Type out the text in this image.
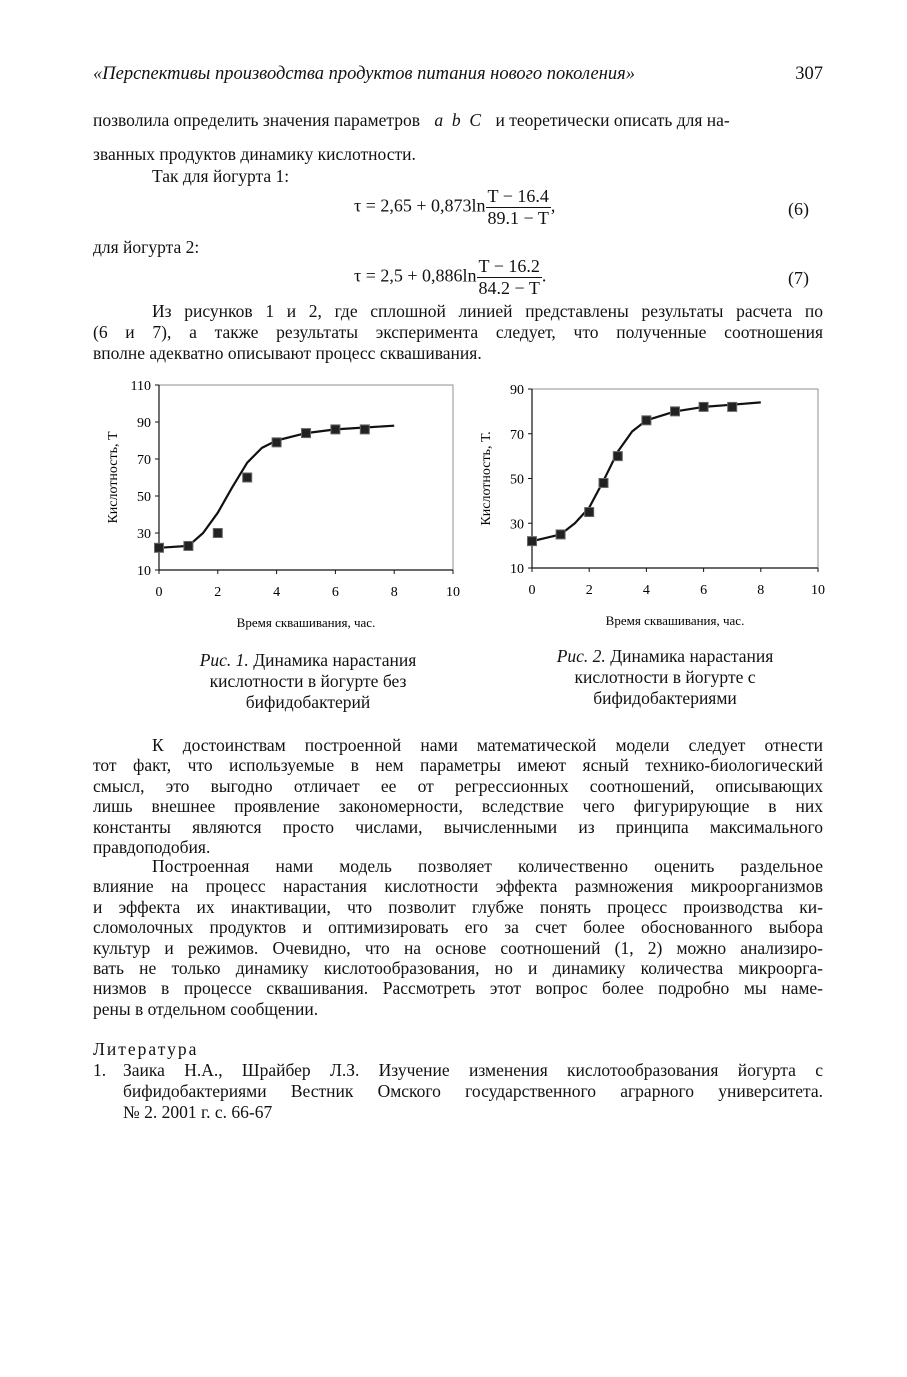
«Перспективы производства продуктов питания нового поколения»	307
позволила определить значения параметров a  b  C и теоретически описать для на-
званных продуктов динамику кислотности.
Так для йогурта 1:
$\tau = 2,65 + 0,873\ln \frac{T - 16.4}{89.1 - T}$ ,	(6)
для йогурта 2:
$\tau = 2,5 + 0,886\ln \frac{T - 16.2}{84.2 - T}$ .	(7)
Из рисунков 1 и 2, где сплошной линией представлены результаты расчета по
(6 и 7), а также результаты эксперимента следует, что полученные соотношения
вполне адекватно описывают процесс сквашивания.
10
30
50
70
90
110
0	2	4	6	8	10
Время сквашивания, час.
Кислотность, Т
Рис. 1. Динамика нарастания кислотности в йогурте без бифидобактерий
10
30
50
70
90
0	2	4	6	8	10
Время сквашивания, час.
Кислотность, Т.
Рис. 2. Динамика нарастания кислотности в йогурте с бифидобактериями
К достоинствам построенной нами математической модели следует отнести
тот факт, что используемые в нем параметры имеют ясный технико-биологический
смысл, это выгодно отличает ее от регрессионных соотношений, описывающих
лишь внешнее проявление закономерности, вследствие чего фигурирующие в них
константы являются просто числами, вычисленными из принципа максимального
правдоподобия.
Построенная нами модель позволяет количественно оценить раздельное
влияние на процесс нарастания кислотности эффекта размножения микроорганизмов
и эффекта их инактивации, что позволит глубже понять процесс производства ки-
сломолочных продуктов и оптимизировать его за счет более обоснованного выбора
культур и режимов. Очевидно, что на основе соотношений (1, 2) можно анализиро-
вать не только динамику кислотообразования, но и динамику количества микроорга-
низмов в процессе сквашивания. Рассмотреть этот вопрос более подробно мы наме-
рены в отдельном сообщении.
Литература
1. Заика Н.А., Шрайбер Л.З. Изучение изменения кислотообразования йогурта с
бифидобактериями Вестник Омского государственного аграрного университета.
№ 2. 2001 г. с. 66-67
